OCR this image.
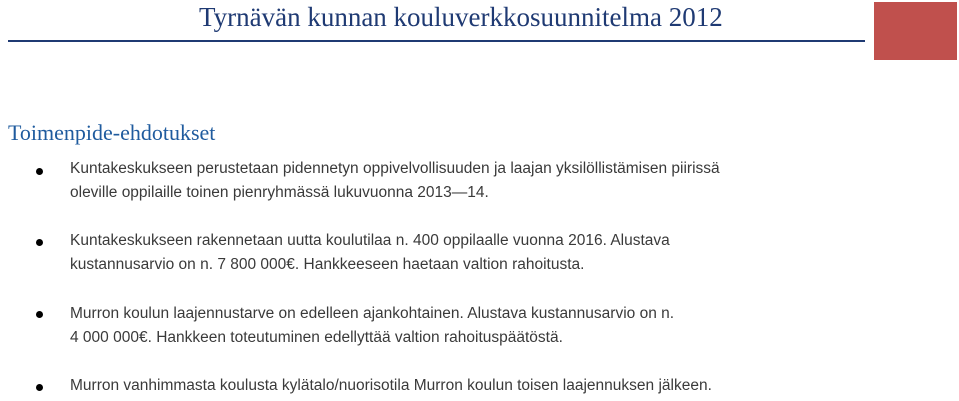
Tyrnävän kunnan kouluverkkosuunnitelma 2012
Toimenpide-ehdotukset
Kuntakeskukseen perustetaan pidennetyn oppivelvollisuuden ja laajan yksilöllistämisen piirissä
oleville oppilaille toinen pienryhmässä lukuvuonna 2013—14.
Kuntakeskukseen rakennetaan uutta koulutilaa n. 400 oppilaalle vuonna 2016. Alustava
kustannusarvio on n. 7 800 000€. Hankkeeseen haetaan valtion rahoitusta.
Murron koulun laajennustarve on edelleen ajankohtainen. Alustava kustannusarvio on n.
4 000 000€. Hankkeen toteutuminen edellyttää valtion rahoituspäätöstä.
Murron vanhimmasta koulusta kylätalo/nuorisotila Murron koulun toisen laajennuksen jälkeen.
